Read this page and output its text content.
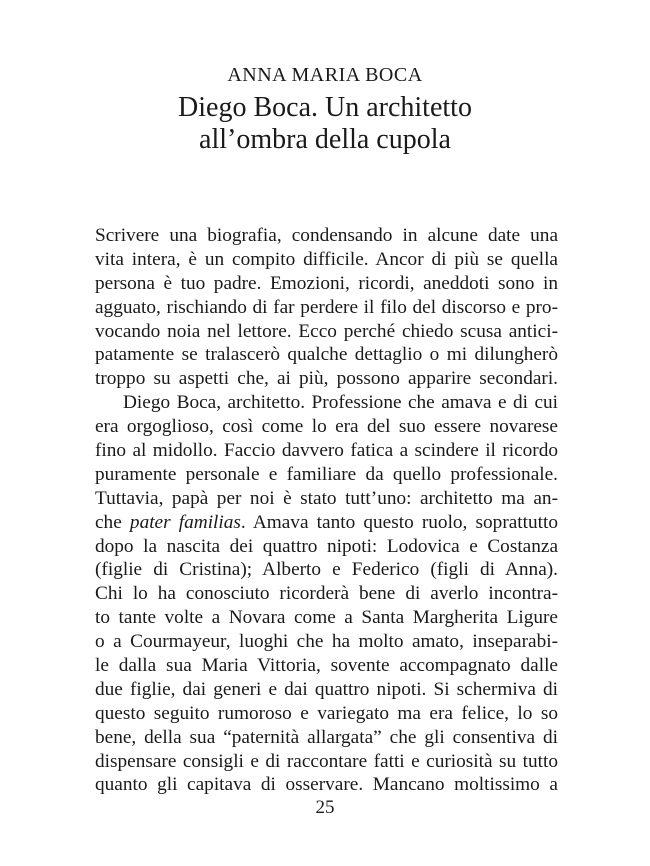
ANNA MARIA BOCA
Diego Boca. Un architetto
all’ombra della cupola
Scrivere una biografia, condensando in alcune date una
vita intera, è un compito difficile. Ancor di più se quella
persona è tuo padre. Emozioni, ricordi, aneddoti sono in
agguato, rischiando di far perdere il filo del discorso e pro-
vocando noia nel lettore. Ecco perché chiedo scusa antici-
patamente se tralascerò qualche dettaglio o mi dilungherò
troppo su aspetti che, ai più, possono apparire secondari.
Diego Boca, architetto. Professione che amava e di cui
era orgoglioso, così come lo era del suo essere novarese
fino al midollo. Faccio davvero fatica a scindere il ricordo
puramente personale e familiare da quello professionale.
Tuttavia, papà per noi è stato tutt’uno: architetto ma an-
che pater familias. Amava tanto questo ruolo, soprattutto
dopo la nascita dei quattro nipoti: Lodovica e Costanza
(figlie di Cristina); Alberto e Federico (figli di Anna).
Chi lo ha conosciuto ricorderà bene di averlo incontra-
to tante volte a Novara come a Santa Margherita Ligure
o a Courmayeur, luoghi che ha molto amato, inseparabi-
le dalla sua Maria Vittoria, sovente accompagnato dalle
due figlie, dai generi e dai quattro nipoti. Si schermiva di
questo seguito rumoroso e variegato ma era felice, lo so
bene, della sua “paternità allargata” che gli consentiva di
dispensare consigli e di raccontare fatti e curiosità su tutto
quanto gli capitava di osservare. Mancano moltissimo a
25
